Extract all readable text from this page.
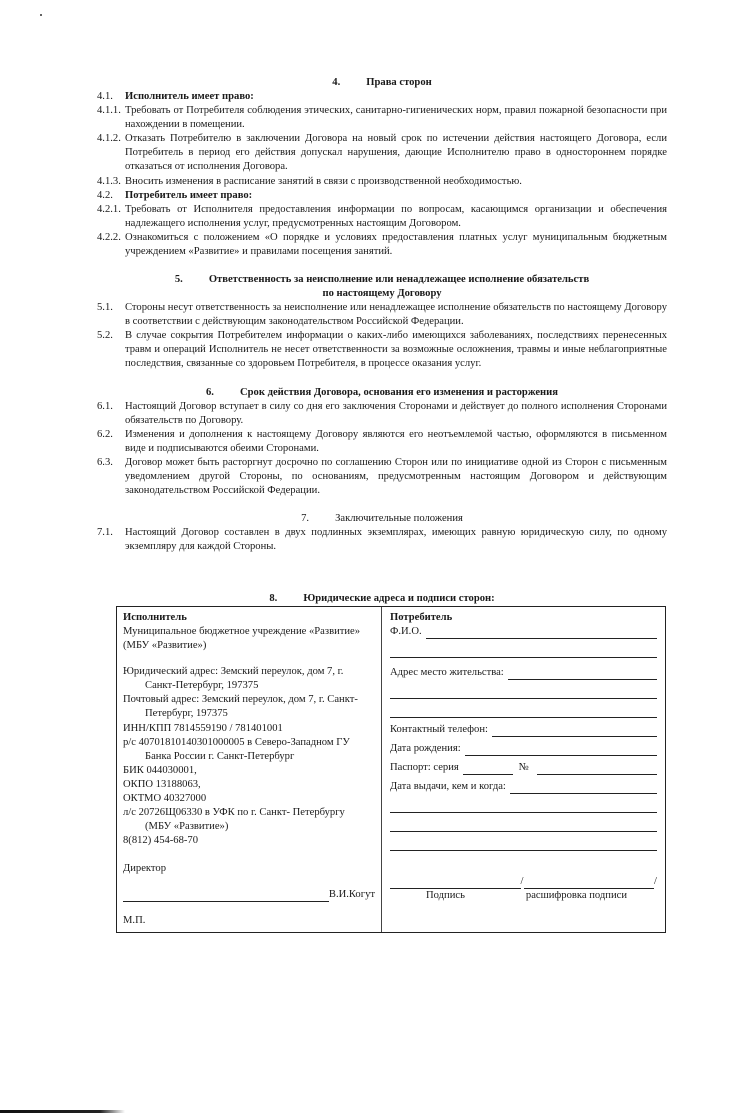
4. Права сторон

4.1.	Исполнитель имеет право:
4.1.1. Требовать от Потребителя соблюдения этических, санитарно-гигиенических норм, правил пожарной безопасности при нахождении в помещении.
4.1.2. Отказать Потребителю в заключении Договора на новый срок по истечении действия настоящего Договора, если Потребитель в период его действия допускал нарушения, дающие Исполнителю право в одностороннем порядке отказаться от исполнения Договора.
4.1.3. Вносить изменения в расписание занятий в связи с производственной необходимостью.
4.2.	Потребитель имеет право:
4.2.1. Требовать от Исполнителя предоставления информации по вопросам, касающимся организации и обеспечения надлежащего исполнения услуг, предусмотренных настоящим Договором.
4.2.2. Ознакомиться с положением «О порядке и условиях предоставления платных услуг муниципальным бюджетным учреждением «Развитие» и правилами посещения занятий.

5. Ответственность за неисполнение или ненадлежащее исполнение обязательств
по настоящему Договору

5.1.	Стороны несут ответственность за неисполнение или ненадлежащее исполнение обязательств по настоящему Договору в соответствии с действующим законодательством Российской Федерации.
5.2.	В случае сокрытия Потребителем информации о каких-либо имеющихся заболеваниях, последствиях перенесенных травм и операций Исполнитель не несет ответственности за возможные осложнения, травмы и иные неблагоприятные последствия, связанные со здоровьем Потребителя, в процессе оказания услуг.

6. Срок действия Договора, основания его изменения и расторжения

6.1.	Настоящий Договор вступает в силу со дня его заключения Сторонами и действует до полного исполнения Сторонами обязательств по Договору.
6.2.	Изменения и дополнения к настоящему Договору являются его неотъемлемой частью, оформляются в письменном виде и подписываются обеими Сторонами.
6.3.	Договор может быть расторгнут досрочно по соглашению Сторон или по инициативе одной из Сторон с письменным уведомлением другой Стороны, по основаниям, предусмотренным настоящим Договором и действующим законодательством Российской Федерации.

7. Заключительные положения

7.1.	Настоящий Договор составлен в двух подлинных экземплярах, имеющих равную юридическую силу, по одному экземпляру для каждой Стороны.

8. Юридические адреса и подписи сторон:

Исполнитель

Муниципальное бюджетное учреждение «Развитие»

(МБУ «Развитие»)

Юридический адрес: Земский переулок, дом 7, г.

Санкт-Петербург, 197375

Почтовый адрес: Земский переулок, дом 7, г. Санкт-

Петербург, 197375

ИНН/КПП 7814559190 / 781401001

р/с 40701810140301000005 в Северо-Западном ГУ

Банка России г. Санкт-Петербург

БИК 044030001,

ОКПО 13188063,

ОКТМО 40327000

л/с 20726Щ06330 в УФК по г. Санкт- Петербургу

(МБУ «Развитие»)

8(812) 454-68-70

Директор

В.И.Когут

М.П.

Потребитель

Ф.И.О.
Адрес место жительства:
Контактный телефон:
Дата рождения:
Паспорт: серия	№
Дата выдачи, кем и когда:
/	/
Подпись	расшифровка подписи
